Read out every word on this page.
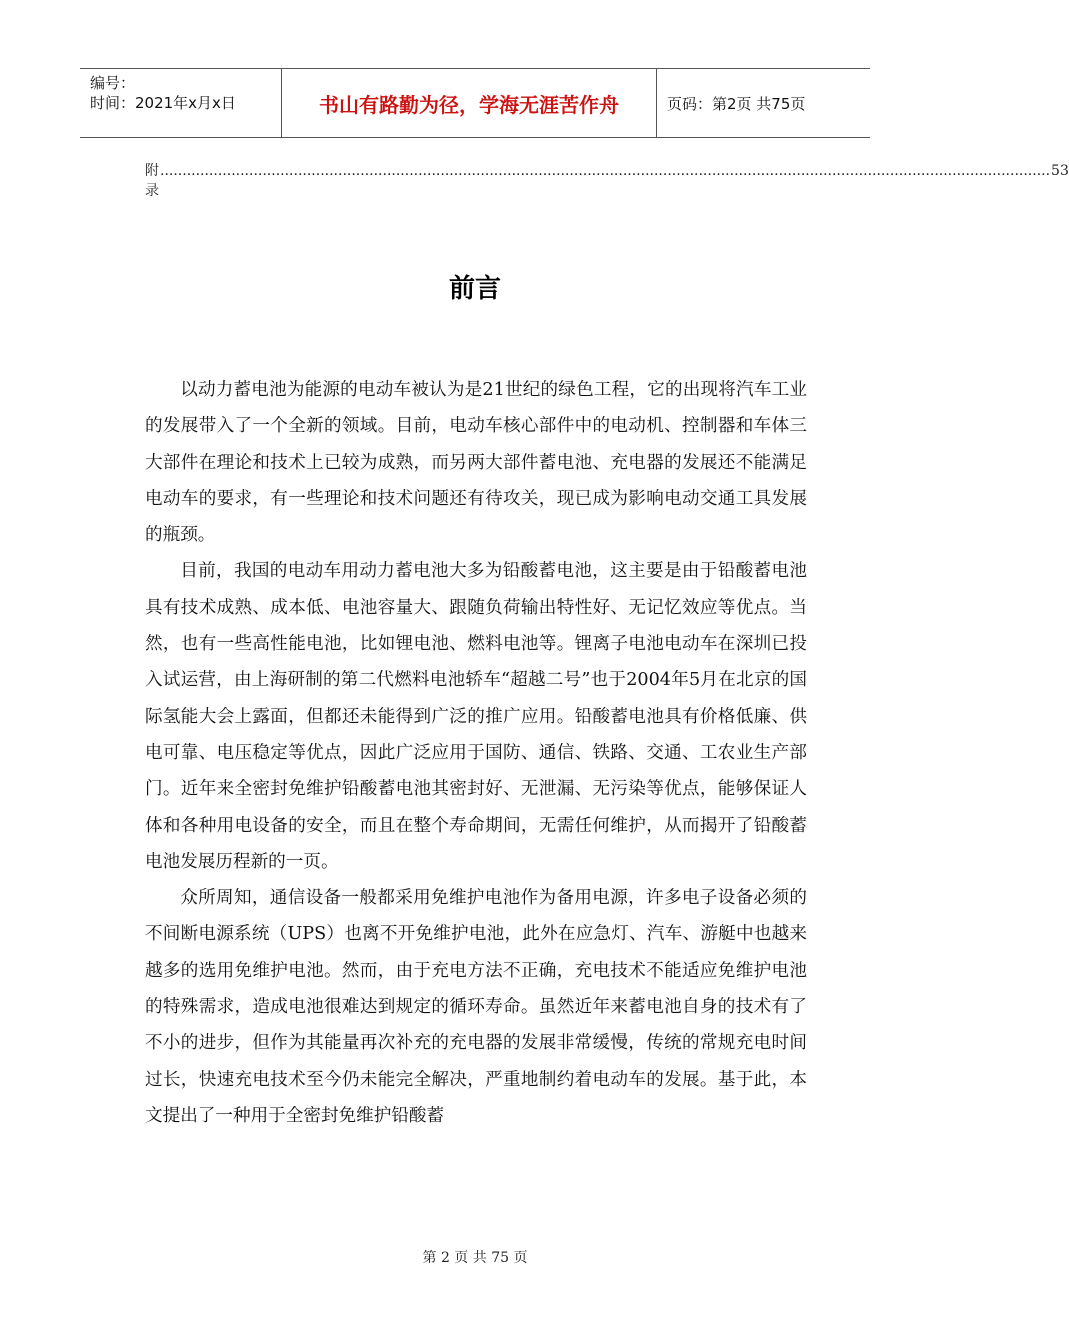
编号：
时间：2021年x月x日	书山有路勤为径，学海无涯苦作舟	页码：第2页 共75页
附录
........................................................................................................................................................................................................ 53
前言

以动力蓄电池为能源的电动车被认为是21世纪的绿色工程，它的出现将汽车工业的发展带入了一个全新的领域。目前，电动车核心部件中的电动机、控制器和车体三大部件在理论和技术上已较为成熟，而另两大部件蓄电池、充电器的发展还不能满足电动车的要求，有一些理论和技术问题还有待攻关，现已成为影响电动交通工具发展的瓶颈。

目前，我国的电动车用动力蓄电池大多为铅酸蓄电池，这主要是由于铅酸蓄电池具有技术成熟、成本低、电池容量大、跟随负荷输出特性好、无记忆效应等优点。当然，也有一些高性能电池，比如锂电池、燃料电池等。锂离子电池电动车在深圳已投入试运营，由上海研制的第二代燃料电池轿车“超越二号”也于2004年5月在北京的国际氢能大会上露面，但都还未能得到广泛的推广应用。铅酸蓄电池具有价格低廉、供电可靠、电压稳定等优点，因此广泛应用于国防、通信、铁路、交通、工农业生产部门。近年来全密封免维护铅酸蓄电池其密封好、无泄漏、无污染等优点，能够保证人体和各种用电设备的安全，而且在整个寿命期间，无需任何维护，从而揭开了铅酸蓄电池发展历程新的一页。

众所周知，通信设备一般都采用免维护电池作为备用电源，许多电子设备必须的不间断电源系统（UPS）也离不开免维护电池，此外在应急灯、汽车、游艇中也越来越多的选用免维护电池。然而，由于充电方法不正确，充电技术不能适应免维护电池的特殊需求，造成电池很难达到规定的循环寿命。虽然近年来蓄电池自身的技术有了不小的进步，但作为其能量再次补充的充电器的发展非常缓慢，传统的常规充电时间过长，快速充电技术至今仍未能完全解决，严重地制约着电动车的发展。基于此，本文提出了一种用于全密封免维护铅酸蓄

第 2 页 共 75 页
